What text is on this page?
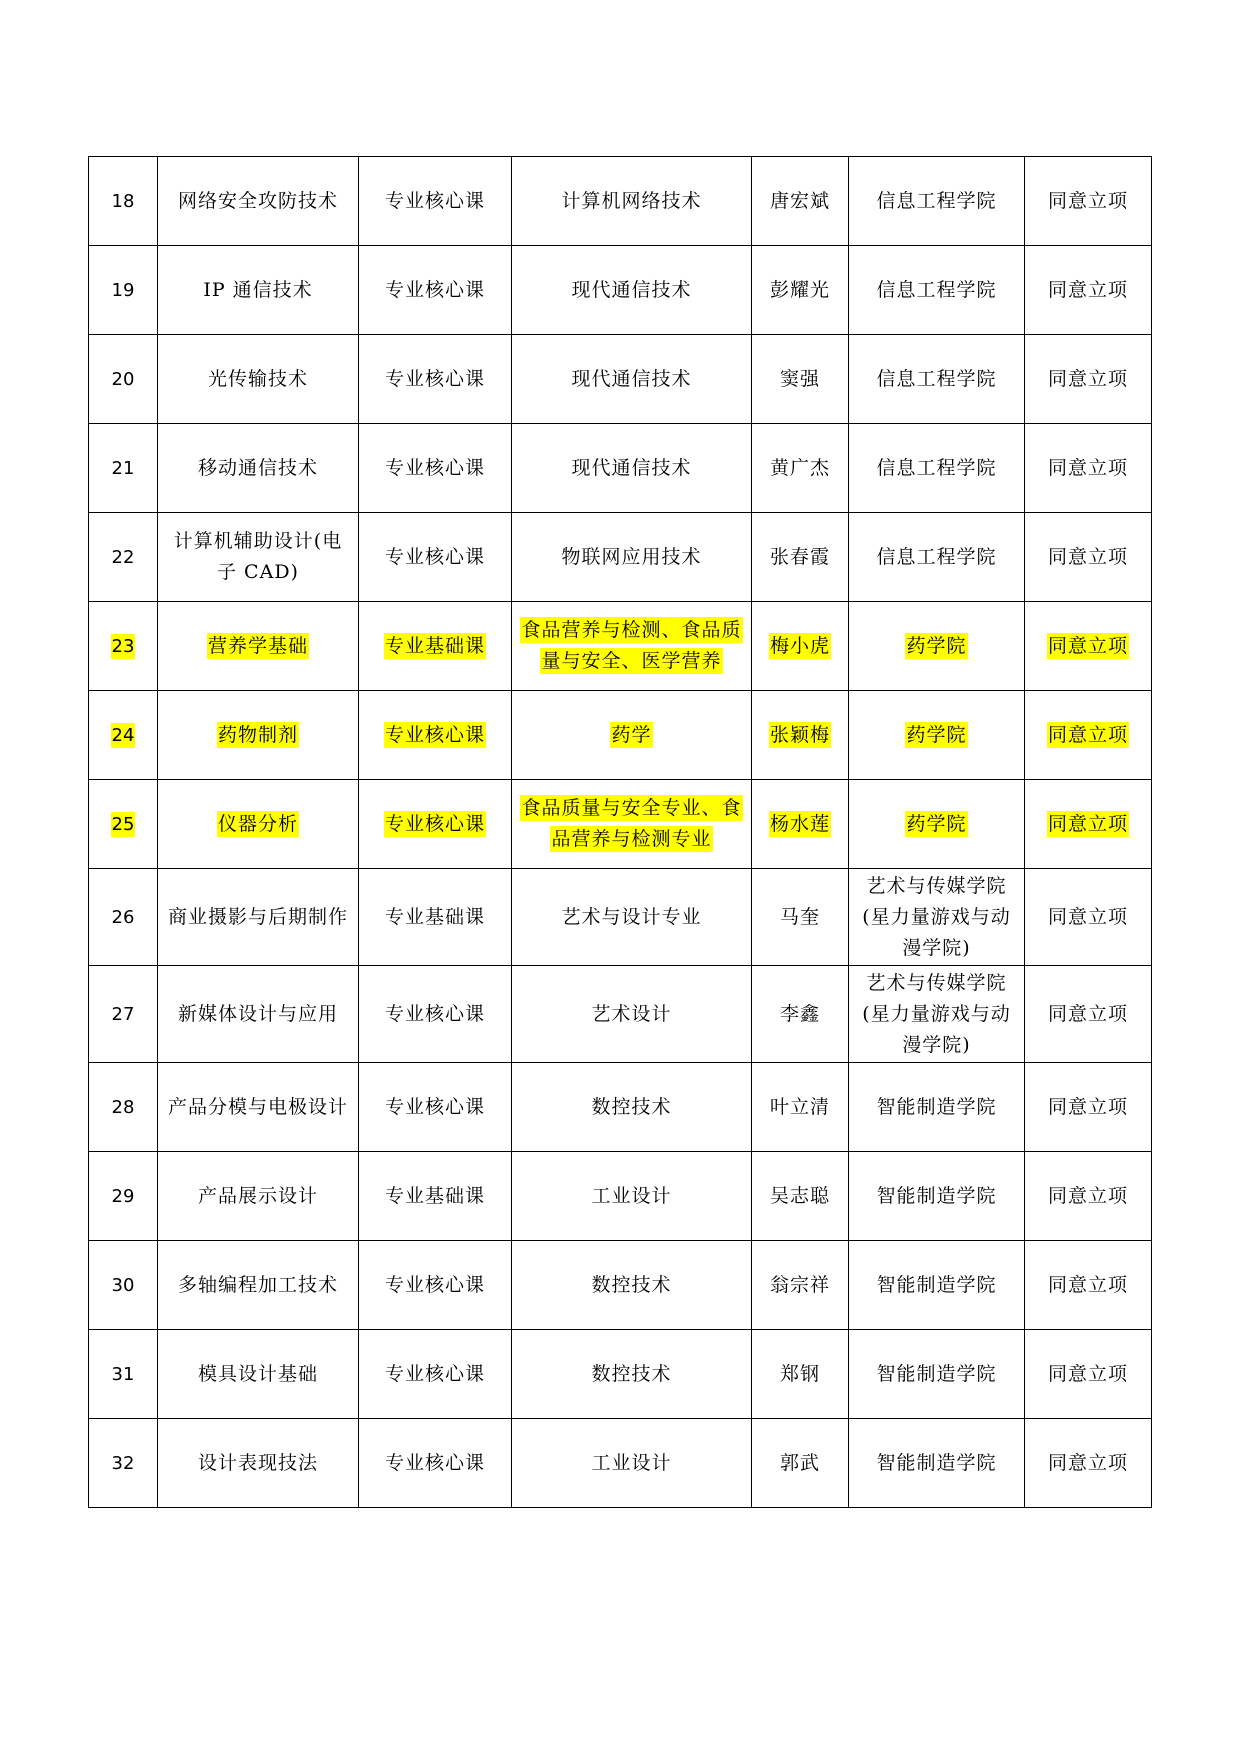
18	网络安全攻防技术	专业核心课	计算机网络技术	唐宏斌	信息工程学院	同意立项
19	IP 通信技术	专业核心课	现代通信技术	彭耀光	信息工程学院	同意立项
20	光传输技术	专业核心课	现代通信技术	窦强	信息工程学院	同意立项
21	移动通信技术	专业核心课	现代通信技术	黄广杰	信息工程学院	同意立项
22	计算机辅助设计(电子 CAD)	专业核心课	物联网应用技术	张春霞	信息工程学院	同意立项
23	营养学基础	专业基础课	食品营养与检测、食品质量与安全、医学营养	梅小虎	药学院	同意立项
24	药物制剂	专业核心课	药学	张颖梅	药学院	同意立项
25	仪器分析	专业核心课	食品质量与安全专业、食品营养与检测专业	杨水莲	药学院	同意立项
26	商业摄影与后期制作	专业基础课	艺术与设计专业	马奎	艺术与传媒学院(星力量游戏与动漫学院)	同意立项
27	新媒体设计与应用	专业核心课	艺术设计	李鑫	艺术与传媒学院(星力量游戏与动漫学院)	同意立项
28	产品分模与电极设计	专业核心课	数控技术	叶立清	智能制造学院	同意立项
29	产品展示设计	专业基础课	工业设计	吴志聪	智能制造学院	同意立项
30	多轴编程加工技术	专业核心课	数控技术	翁宗祥	智能制造学院	同意立项
31	模具设计基础	专业核心课	数控技术	郑钢	智能制造学院	同意立项
32	设计表现技法	专业核心课	工业设计	郭武	智能制造学院	同意立项
